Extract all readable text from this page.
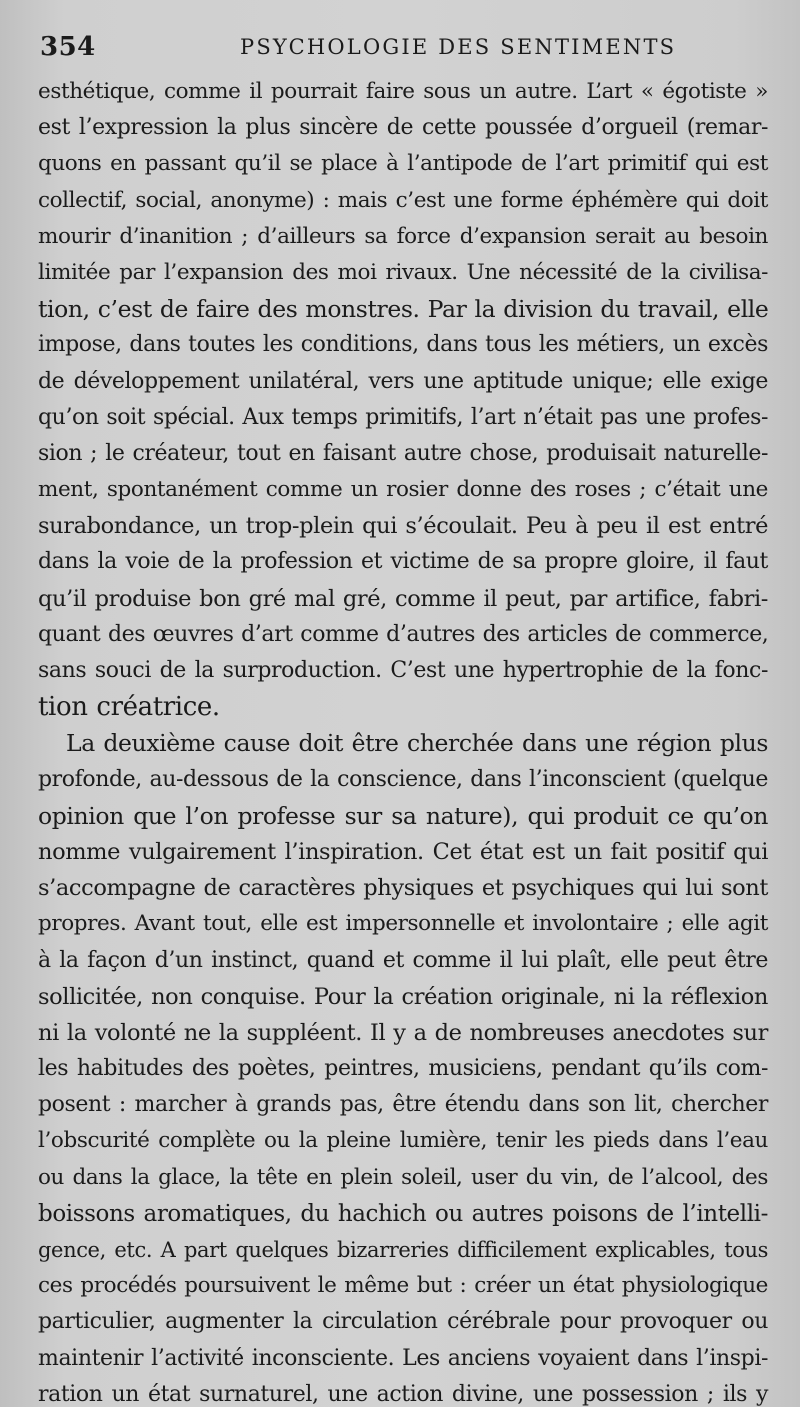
354	PSYCHOLOGIE DES SENTIMENTS
esthétique, comme il pourrait faire sous un autre. L’art « égotiste »
est l’expression la plus sincère de cette poussée d’orgueil (remar-
quons en passant qu’il se place à l’antipode de l’art primitif qui est
collectif, social, anonyme) : mais c’est une forme éphémère qui doit
mourir d’inanition ; d’ailleurs sa force d’expansion serait au besoin
limitée par l’expansion des moi rivaux. Une nécessité de la civilisa-
tion, c’est de faire des monstres. Par la division du travail, elle
impose, dans toutes les conditions, dans tous les métiers, un excès
de développement unilatéral, vers une aptitude unique; elle exige
qu’on soit spécial. Aux temps primitifs, l’art n’était pas une profes-
sion ; le créateur, tout en faisant autre chose, produisait naturelle-
ment, spontanément comme un rosier donne des roses ; c’était une
surabondance, un trop-plein qui s’écoulait. Peu à peu il est entré
dans la voie de la profession et victime de sa propre gloire, il faut
qu’il produise bon gré mal gré, comme il peut, par artifice, fabri-
quant des œuvres d’art comme d’autres des articles de commerce,
sans souci de la surproduction. C’est une hypertrophie de la fonc-
tion créatrice.
La deuxième cause doit être cherchée dans une région plus
profonde, au-dessous de la conscience, dans l’inconscient (quelque
opinion que l’on professe sur sa nature), qui produit ce qu’on
nomme vulgairement l’inspiration. Cet état est un fait positif qui
s’accompagne de caractères physiques et psychiques qui lui sont
propres. Avant tout, elle est impersonnelle et involontaire ; elle agit
à la façon d’un instinct, quand et comme il lui plaît, elle peut être
sollicitée, non conquise. Pour la création originale, ni la réflexion
ni la volonté ne la suppléent. Il y a de nombreuses anecdotes sur
les habitudes des poètes, peintres, musiciens, pendant qu’ils com-
posent : marcher à grands pas, être étendu dans son lit, chercher
l’obscurité complète ou la pleine lumière, tenir les pieds dans l’eau
ou dans la glace, la tête en plein soleil, user du vin, de l’alcool, des
boissons aromatiques, du hachich ou autres poisons de l’intelli-
gence, etc. A part quelques bizarreries difficilement explicables, tous
ces procédés poursuivent le même but : créer un état physiologique
particulier, augmenter la circulation cérébrale pour provoquer ou
maintenir l’activité inconsciente. Les anciens voyaient dans l’inspi-
ration un état surnaturel, une action divine, une possession ; ils y
